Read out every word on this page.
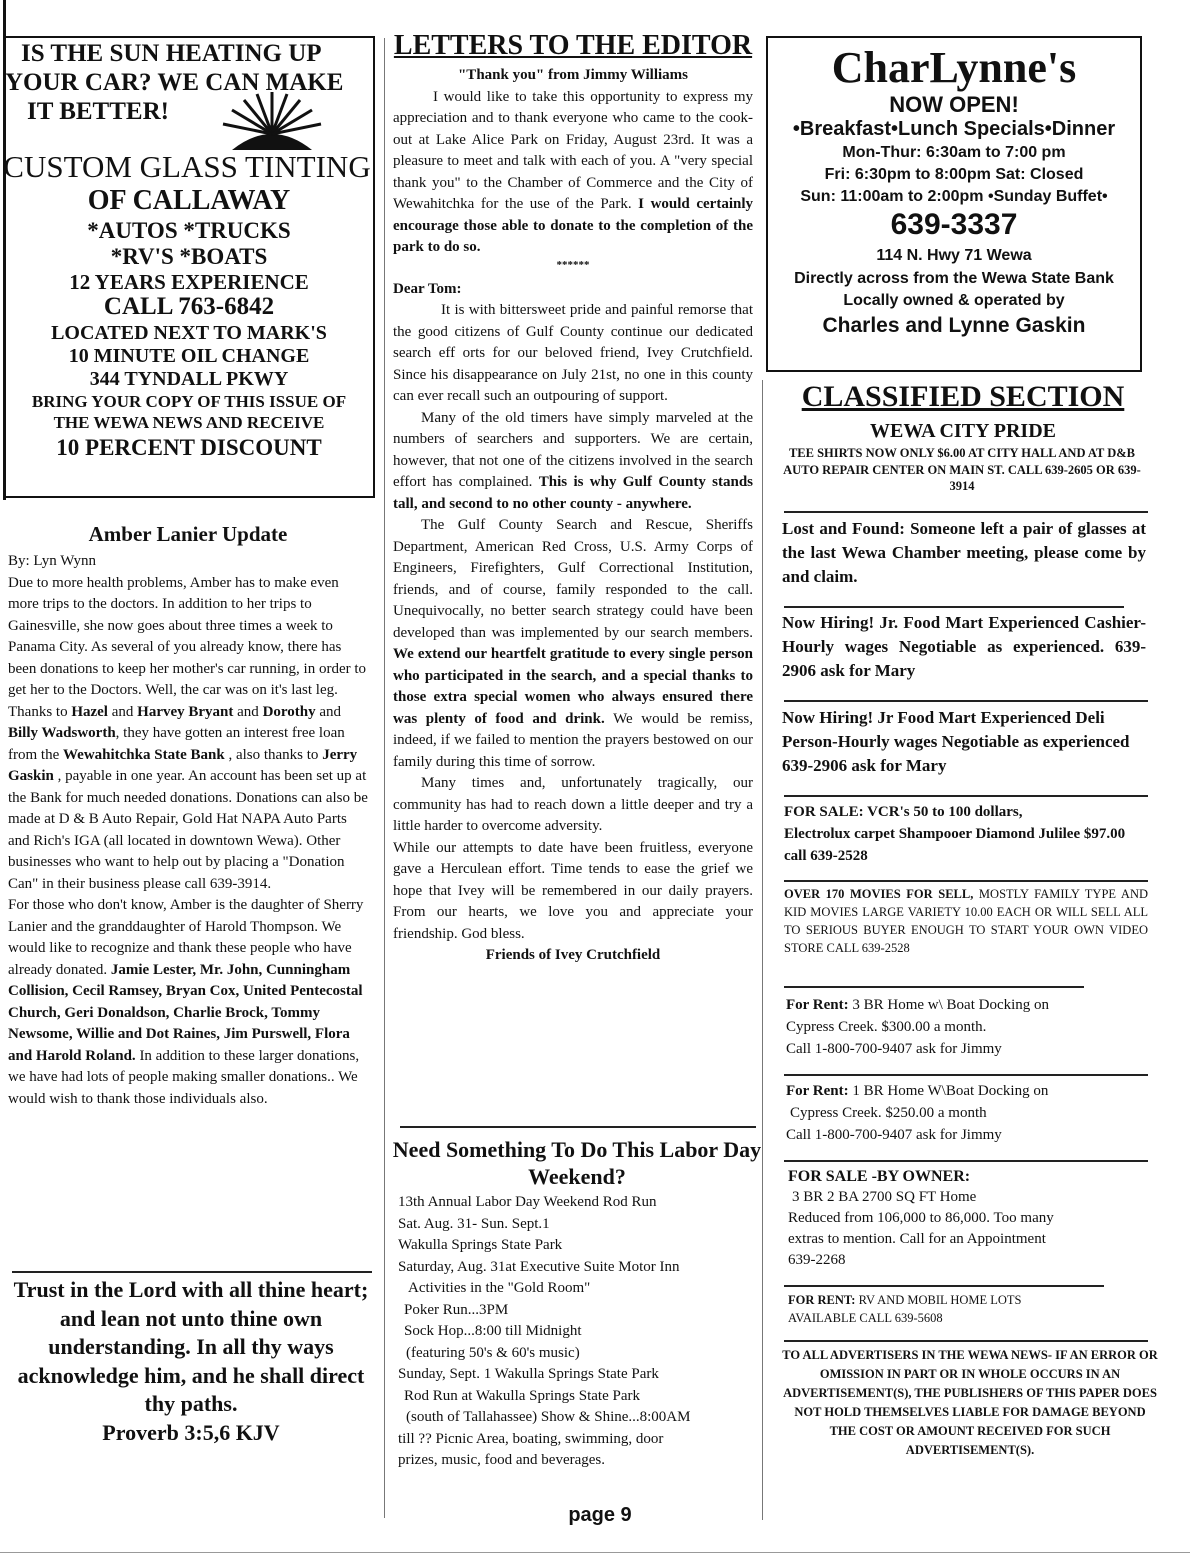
IS THE SUN HEATING UP
YOUR CAR? WE CAN MAKE
IT BETTER!
CUSTOM GLASS TINTING
OF CALLAWAY
*AUTOS *TRUCKS
*RV'S *BOATS
12 YEARS EXPERIENCE
CALL 763-6842
LOCATED NEXT TO MARK'S
10 MINUTE OIL CHANGE
344 TYNDALL PKWY
BRING YOUR COPY OF THIS ISSUE OF
THE WEWA NEWS AND RECEIVE
10 PERCENT DISCOUNT
Amber Lanier Update
By: Lyn Wynn

Due to more health problems, Amber has to make even more trips to the doctors. In addition to her trips to Gainesville, she now goes about three times a week to Panama City. As several of you already know, there has been donations to keep her mother's car running, in order to get her to the Doctors. Well, the car was on it's last leg. Thanks to Hazel and Harvey Bryant and Dorothy and Billy Wadsworth, they have gotten an interest free loan from the Wewahitchka State Bank , also thanks to Jerry Gaskin , payable in one year. An account has been set up at the Bank for much needed donations. Donations can also be made at D & B Auto Repair, Gold Hat NAPA Auto Parts and Rich's IGA (all located in downtown Wewa). Other businesses who want to help out by placing a "Donation Can" in their business please call 639-3914.

For those who don't know, Amber is the daughter of Sherry Lanier and the granddaughter of Harold Thompson. We would like to recognize and thank these people who have already donated. Jamie Lester, Mr. John, Cunningham Collision, Cecil Ramsey, Bryan Cox, United Pentecostal Church, Geri Donaldson, Charlie Brock, Tommy Newsome, Willie and Dot Raines, Jim Purswell, Flora and Harold Roland. In addition to these larger donations, we have had lots of people making smaller donations.. We would wish to thank those individuals also.

Trust in the Lord with all thine heart; and lean not unto thine own understanding. In all thy ways acknowledge him, and he shall direct thy paths.
Proverb 3:5,6 KJV
LETTERS TO THE EDITOR
"Thank you" from Jimmy Williams

I would like to take this opportunity to express my appreciation and to thank everyone who came to the cook-out at Lake Alice Park on Friday, August 23rd. It was a pleasure to meet and talk with each of you. A "very special thank you" to the Chamber of Commerce and the City of Wewahitchka for the use of the Park. I would certainly encourage those able to donate to the completion of the park to do so.

******
Dear Tom:

It is with bittersweet pride and painful remorse that the good citizens of Gulf County continue our dedicated search eff orts for our beloved friend, Ivey Crutchfield. Since his disappearance on July 21st, no one in this county can ever recall such an outpouring of support.

Many of the old timers have simply marveled at the numbers of searchers and supporters. We are certain, however, that not one of the citizens involved in the search effort has complained. This is why Gulf County stands tall, and second to no other county - anywhere.

The Gulf County Search and Rescue, Sheriffs Department, American Red Cross, U.S. Army Corps of Engineers, Firefighters, Gulf Correctional Institution, friends, and of course, family responded to the call. Unequivocally, no better search strategy could have been developed than was implemented by our search members. We extend our heartfelt gratitude to every single person who participated in the search, and a special thanks to those extra special women who always ensured there was plenty of food and drink. We would be remiss, indeed, if we failed to mention the prayers bestowed on our family during this time of sorrow.

Many times and, unfortunately tragically, our community has had to reach down a little deeper and try a little harder to overcome adversity.

While our attempts to date have been fruitless, everyone gave a Herculean effort. Time tends to ease the grief we hope that Ivey will be remembered in our daily prayers. From our hearts, we love you and appreciate your friendship. God bless.

Friends of Ivey Crutchfield
Need Something To Do This Labor Day Weekend?
13th Annual Labor Day Weekend Rod Run
Sat. Aug. 31- Sun. Sept.1
Wakulla Springs State Park
Saturday, Aug. 31at Executive Suite Motor Inn
Activities in the "Gold Room"
Poker Run...3PM
Sock Hop...8:00 till Midnight
(featuring 50's & 60's music)
Sunday, Sept. 1 Wakulla Springs State Park
Rod Run at Wakulla Springs State Park
(south of Tallahassee) Show & Shine...8:00AM
till ?? Picnic Area, boating, swimming, door
prizes, music, food and beverages.
CharLynne's
NOW OPEN!
•Breakfast•Lunch Specials•Dinner
Mon-Thur: 6:30am to 7:00 pm
Fri: 6:30pm to 8:00pm Sat: Closed
Sun: 11:00am to 2:00pm •Sunday Buffet•
639-3337
114 N. Hwy 71 Wewa
Directly across from the Wewa State Bank
Locally owned & operated by
Charles and Lynne Gaskin
CLASSIFIED SECTION
WEWA CITY PRIDE
TEE SHIRTS NOW ONLY $6.00 AT CITY HALL AND AT D&B AUTO REPAIR CENTER ON MAIN ST. CALL 639-2605 OR 639-3914
Lost and Found: Someone left a pair of glasses at the last Wewa Chamber meeting, please come by and claim.
Now Hiring! Jr. Food Mart Experienced Cashier-Hourly wages Negotiable as experienced. 639-2906 ask for Mary
Now Hiring! Jr Food Mart Experienced Deli Person-Hourly wages Negotiable as experienced 639-2906 ask for Mary
FOR SALE: VCR's 50 to 100 dollars,
Electrolux carpet Shampooer Diamond Julilee $97.00 call 639-2528
OVER 170 MOVIES FOR SELL, MOSTLY FAMILY TYPE AND KID MOVIES LARGE VARIETY 10.00 EACH OR WILL SELL ALL TO SERIOUS BUYER ENOUGH TO START YOUR OWN VIDEO STORE CALL 639-2528
For Rent: 3 BR Home w\ Boat Docking on
Cypress Creek. $300.00 a month.
Call 1-800-700-9407 ask for Jimmy
For Rent: 1 BR Home W\Boat Docking on
Cypress Creek. $250.00 a month
Call 1-800-700-9407 ask for Jimmy
FOR SALE -BY OWNER:
3 BR 2 BA 2700 SQ FT Home
Reduced from 106,000 to 86,000. Too many
extras to mention. Call for an Appointment
639-2268
FOR RENT: RV AND MOBIL HOME LOTS
AVAILABLE CALL 639-5608
TO ALL ADVERTISERS IN THE WEWA NEWS- IF AN ERROR OR OMISSION IN PART OR IN WHOLE OCCURS IN AN ADVERTISEMENT(S), THE PUBLISHERS OF THIS PAPER DOES NOT HOLD THEMSELVES LIABLE FOR DAMAGE BEYOND THE COST OR AMOUNT RECEIVED FOR SUCH ADVERTISEMENT(S).
page 9
